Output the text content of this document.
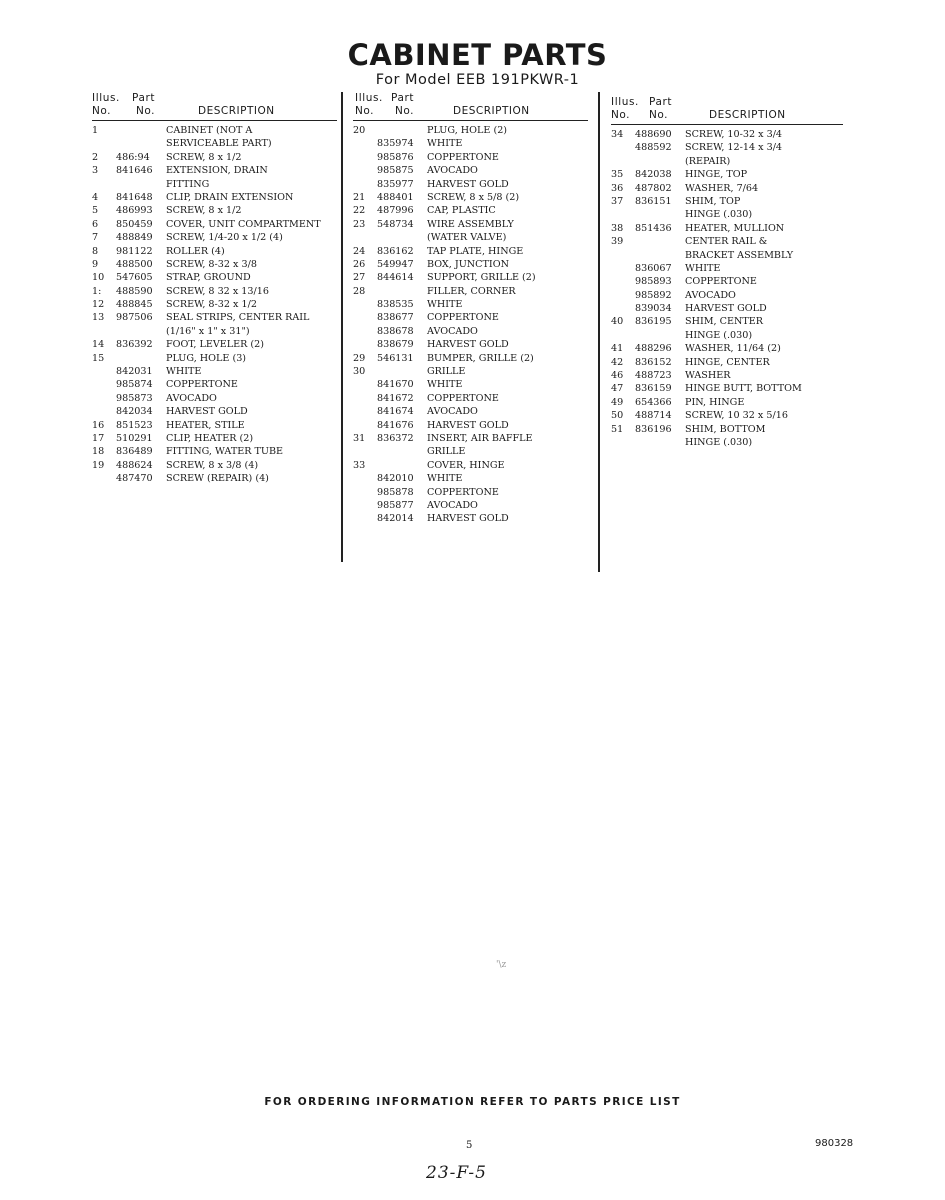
CABINET PARTS
For Model EEB 191PKWR-1
Illus. Part
No. No.	DESCRIPTION
1	CABINET (NOT A
SERVICEABLE PART)
2 486:94 SCREW, 8 x 1/2
3 841646 EXTENSION, DRAIN
FITTING
4 841648 CLIP, DRAIN EXTENSION
5 486993 SCREW, 8 x 1/2
6 850459 COVER, UNIT COMPARTMENT
7 488849 SCREW, 1/4-20 x 1/2 (4)
8 981122 ROLLER (4)
9 488500 SCREW, 8-32 x 3/8
10 547605 STRAP, GROUND
1: 488590 SCREW, 8 32 x 13/16
12 488845 SCREW, 8-32 x 1/2
13 987506 SEAL STRIPS, CENTER RAIL
(1/16" x 1" x 31")
14 836392 FOOT, LEVELER (2)
15	PLUG, HOLE (3)
842031 WHITE
985874 COPPERTONE
985873 AVOCADO
842034 HARVEST GOLD
16 851523 HEATER, STILE
17 510291 CLIP, HEATER (2)
18 836489 FITTING, WATER TUBE
19 488624 SCREW, 8 x 3/8 (4)
487470 SCREW (REPAIR) (4)
Illus. Part
No. No.	DESCRIPTION
20	PLUG, HOLE (2)
835974 WHITE
985876 COPPERTONE
985875 AVOCADO
835977 HARVEST GOLD
21 488401 SCREW, 8 x 5/8 (2)
22 487996 CAP, PLASTIC
23 548734 WIRE ASSEMBLY
(WATER VALVE)
24 836162 TAP PLATE, HINGE
26 549947 BOX, JUNCTION
27 844614 SUPPORT, GRILLE (2)
28	FILLER, CORNER
838535 WHITE
838677 COPPERTONE
838678 AVOCADO
838679 HARVEST GOLD
29 546131 BUMPER, GRILLE (2)
30	GRILLE
841670 WHITE
841672 COPPERTONE
841674 AVOCADO
841676 HARVEST GOLD
31 836372 INSERT, AIR BAFFLE
GRILLE
33	COVER, HINGE
842010 WHITE
985878 COPPERTONE
985877 AVOCADO
842014 HARVEST GOLD
Illus. Part
No. No.	DESCRIPTION
34 488690 SCREW, 10-32 x 3/4
488592 SCREW, 12-14 x 3/4
(REPAIR)
35 842038 HINGE, TOP
36 487802 WASHER, 7/64
37 836151 SHIM, TOP
HINGE (.030)
38 851436 HEATER, MULLION
39	CENTER RAIL &
BRACKET ASSEMBLY
836067 WHITE
985893 COPPERTONE
985892 AVOCADO
839034 HARVEST GOLD
40 836195 SHIM, CENTER
HINGE (.030)
41 488296 WASHER, 11/64 (2)
42 836152 HINGE, CENTER
46 488723 WASHER
47 836159 HINGE BUTT, BOTTOM
49 654366 PIN, HINGE
50 488714 SCREW, 10 32 x 5/16
51 836196 SHIM, BOTTOM
HINGE (.030)
'\z
FOR ORDERING INFORMATION REFER TO PARTS PRICE LIST
5	980328
23-F-5
